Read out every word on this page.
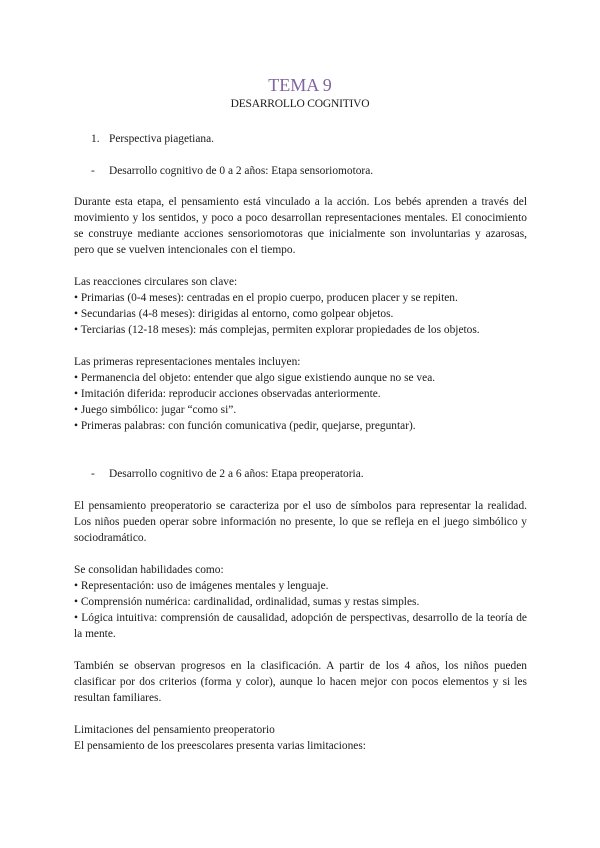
TEMA 9
DESARROLLO COGNITIVO
1. Perspectiva piagetiana.
- Desarrollo cognitivo de 0 a 2 años: Etapa sensoriomotora.
Durante esta etapa, el pensamiento está vinculado a la acción. Los bebés aprenden a través del movimiento y los sentidos, y poco a poco desarrollan representaciones mentales. El conocimiento se construye mediante acciones sensoriomotoras que inicialmente son involuntarias y azarosas, pero que se vuelven intencionales con el tiempo.
Las reacciones circulares son clave:
• Primarias (0-4 meses): centradas en el propio cuerpo, producen placer y se repiten.
• Secundarias (4-8 meses): dirigidas al entorno, como golpear objetos.
• Terciarias (12-18 meses): más complejas, permiten explorar propiedades de los objetos.
Las primeras representaciones mentales incluyen:
• Permanencia del objeto: entender que algo sigue existiendo aunque no se vea.
• Imitación diferida: reproducir acciones observadas anteriormente.
• Juego simbólico: jugar “como si”.
• Primeras palabras: con función comunicativa (pedir, quejarse, preguntar).
- Desarrollo cognitivo de 2 a 6 años: Etapa preoperatoria.
El pensamiento preoperatorio se caracteriza por el uso de símbolos para representar la realidad. Los niños pueden operar sobre información no presente, lo que se refleja en el juego simbólico y sociodramático.
Se consolidan habilidades como:
• Representación: uso de imágenes mentales y lenguaje.
• Comprensión numérica: cardinalidad, ordinalidad, sumas y restas simples.
• Lógica intuitiva: comprensión de causalidad, adopción de perspectivas, desarrollo de la teoría de la mente.
También se observan progresos en la clasificación. A partir de los 4 años, los niños pueden clasificar por dos criterios (forma y color), aunque lo hacen mejor con pocos elementos y si les resultan familiares.
Limitaciones del pensamiento preoperatorio
El pensamiento de los preescolares presenta varias limitaciones:
